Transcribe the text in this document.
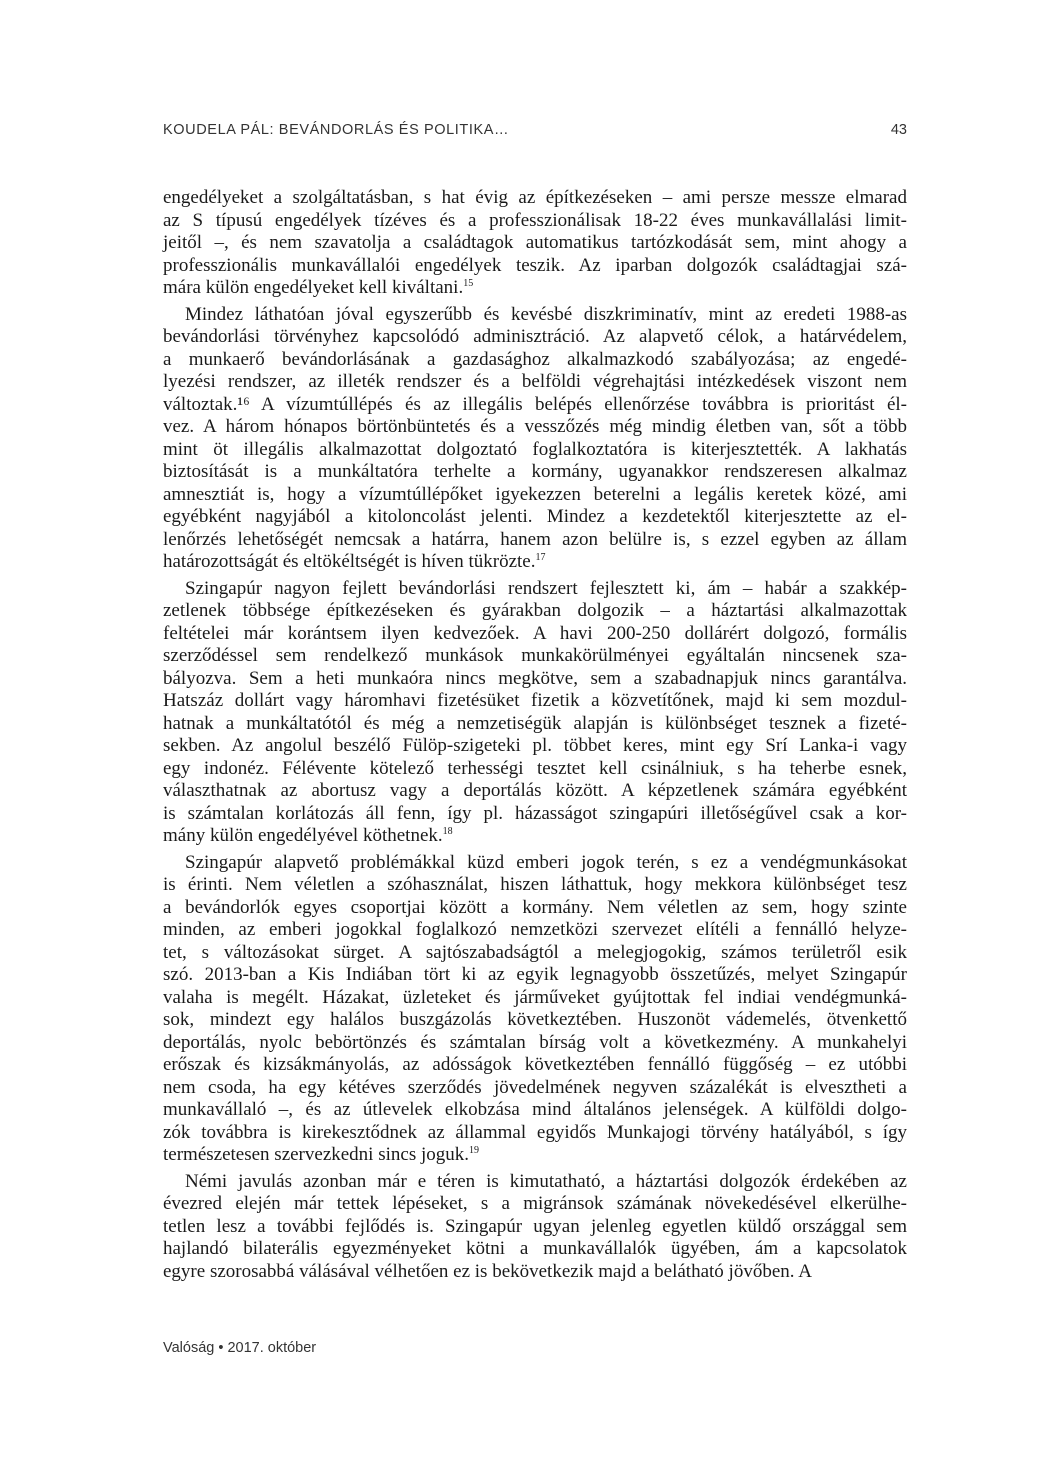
KOUDELA PÁL: BEVÁNDORLÁS ÉS POLITIKA…	43
engedélyeket a szolgáltatásban, s hat évig az építkezéseken – ami persze messze elmarad
az S típusú engedélyek tízéves és a professzionálisak 18-22 éves munkavállalási limit-
jeitől –, és nem szavatolja a családtagok automatikus tartózkodását sem, mint ahogy a
professzionális munkavállalói engedélyek teszik. Az iparban dolgozók családtagjai szá-
mára külön engedélyeket kell kiváltani.$^{15}$
Mindez láthatóan jóval egyszerűbb és kevésbé diszkriminatív, mint az eredeti 1988-as
bevándorlási törvényhez kapcsolódó adminisztráció. Az alapvető célok, a határvédelem,
a munkaerő bevándorlásának a gazdasághoz alkalmazkodó szabályozása; az engedé-
lyezési rendszer, az illeték rendszer és a belföldi végrehajtási intézkedések viszont nem
változtak.¹⁶ A vízumtúllépés és az illegális belépés ellenőrzése továbbra is prioritást él-
vez. A három hónapos börtönbüntetés és a vesszőzés még mindig életben van, sőt a több
mint öt illegális alkalmazottat dolgoztató foglalkoztatóra is kiterjesztették. A lakhatás
biztosítását is a munkáltatóra terhelte a kormány, ugyanakkor rendszeresen alkalmaz
amnesztiát is, hogy a vízumtúllépőket igyekezzen beterelni a legális keretek közé, ami
egyébként nagyjából a kitoloncolást jelenti. Mindez a kezdetektől kiterjesztette az el-
lenőrzés lehetőségét nemcsak a határra, hanem azon belülre is, s ezzel egyben az állam
határozottságát és eltökéltségét is híven tükrözte.$^{17}$
Szingapúr nagyon fejlett bevándorlási rendszert fejlesztett ki, ám – habár a szakkép-
zetlenek többsége építkezéseken és gyárakban dolgozik – a háztartási alkalmazottak
feltételei már korántsem ilyen kedvezőek. A havi 200-250 dollárért dolgozó, formális
szerződéssel sem rendelkező munkások munkakörülményei egyáltalán nincsenek sza-
bályozva. Sem a heti munkaóra nincs megkötve, sem a szabadnapjuk nincs garantálva.
Hatszáz dollárt vagy háromhavi fizetésüket fizetik a közvetítőnek, majd ki sem mozdul-
hatnak a munkáltatótól és még a nemzetiségük alapján is különbséget tesznek a fizeté-
sekben. Az angolul beszélő Fülöp-szigeteki pl. többet keres, mint egy Srí Lanka-i vagy
egy indonéz. Félévente kötelező terhességi tesztet kell csinálniuk, s ha teherbe esnek,
választhatnak az abortusz vagy a deportálás között. A képzetlenek számára egyébként
is számtalan korlátozás áll fenn, így pl. házasságot szingapúri illetőségűvel csak a kor-
mány külön engedélyével köthetnek.$^{18}$
Szingapúr alapvető problémákkal küzd emberi jogok terén, s ez a vendégmunkásokat
is érinti. Nem véletlen a szóhasználat, hiszen láthattuk, hogy mekkora különbséget tesz
a bevándorlók egyes csoportjai között a kormány. Nem véletlen az sem, hogy szinte
minden, az emberi jogokkal foglalkozó nemzetközi szervezet elítéli a fennálló helyze-
tet, s változásokat sürget. A sajtószabadságtól a melegjogokig, számos területről esik
szó. 2013-ban a Kis Indiában tört ki az egyik legnagyobb összetűzés, melyet Szingapúr
valaha is megélt. Házakat, üzleteket és járműveket gyújtottak fel indiai vendégmunká-
sok, mindezt egy halálos buszgázolás következtében. Huszonöt vádemelés, ötvenkettő
deportálás, nyolc bebörtönzés és számtalan bírság volt a következmény. A munkahelyi
erőszak és kizsákmányolás, az adósságok következtében fennálló függőség – ez utóbbi
nem csoda, ha egy kétéves szerződés jövedelmének negyven százalékát is elvesztheti a
munkavállaló –, és az útlevelek elkobzása mind általános jelenségek. A külföldi dolgo-
zók továbbra is kirekesztődnek az állammal egyidős Munkajogi törvény hatályából, s így
természetesen szervezkedni sincs joguk.$^{19}$
Némi javulás azonban már e téren is kimutatható, a háztartási dolgozók érdekében az
évezred elején már tettek lépéseket, s a migránsok számának növekedésével elkerülhe-
tetlen lesz a további fejlődés is. Szingapúr ugyan jelenleg egyetlen küldő országgal sem
hajlandó bilaterális egyezményeket kötni a munkavállalók ügyében, ám a kapcsolatok
egyre szorosabbá válásával vélhetően ez is bekövetkezik majd a belátható jövőben. A
Valóság • 2017. október
